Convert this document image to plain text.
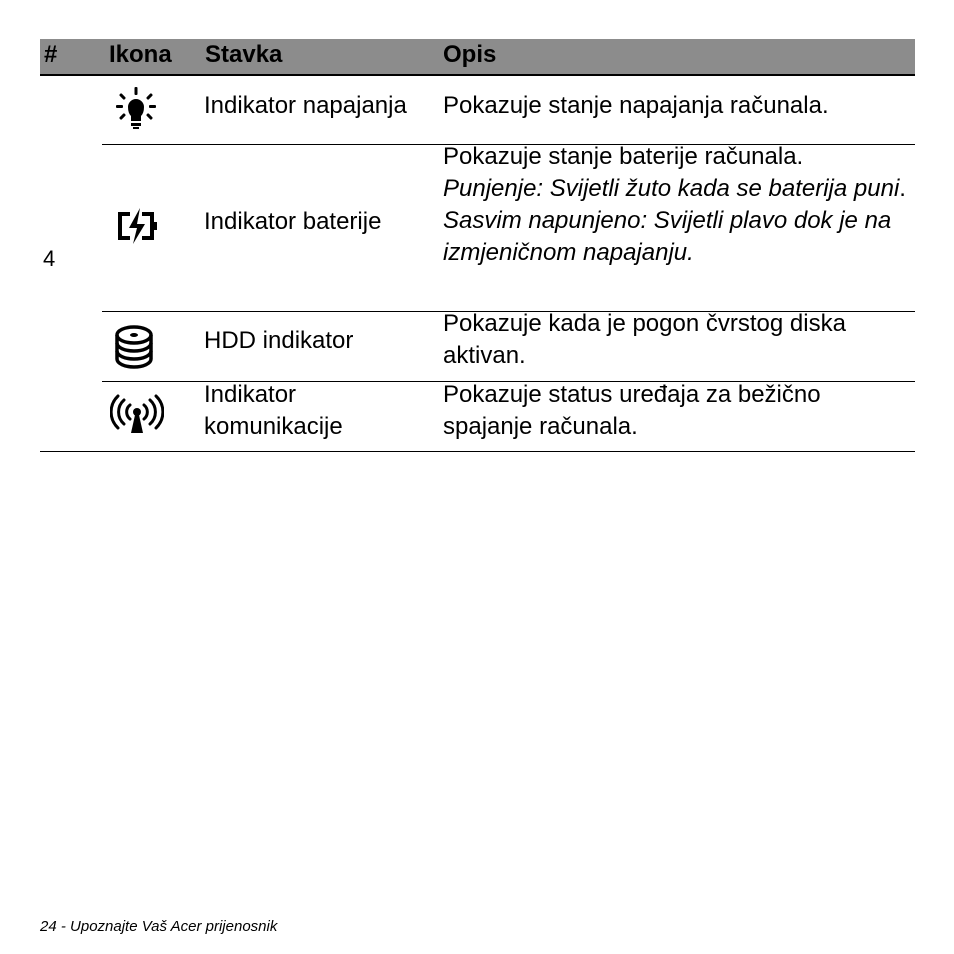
# Ikona Stavka	Opis
4
Indikator napajanja Pokazuje stanje napajanja računala.
Indikator baterije
Pokazuje stanje baterije računala.
Punjenje: Svijetli žuto kada se baterija puni.
Sasvim napunjeno: Svijetli plavo dok je na izmjeničnom napajanju.
HDD indikator
Pokazuje kada je pogon čvrstog diska aktivan.
Indikator
komunikacije
Pokazuje status uređaja za bežično spajanje računala.
24 - Upoznajte Vaš Acer prijenosnik
